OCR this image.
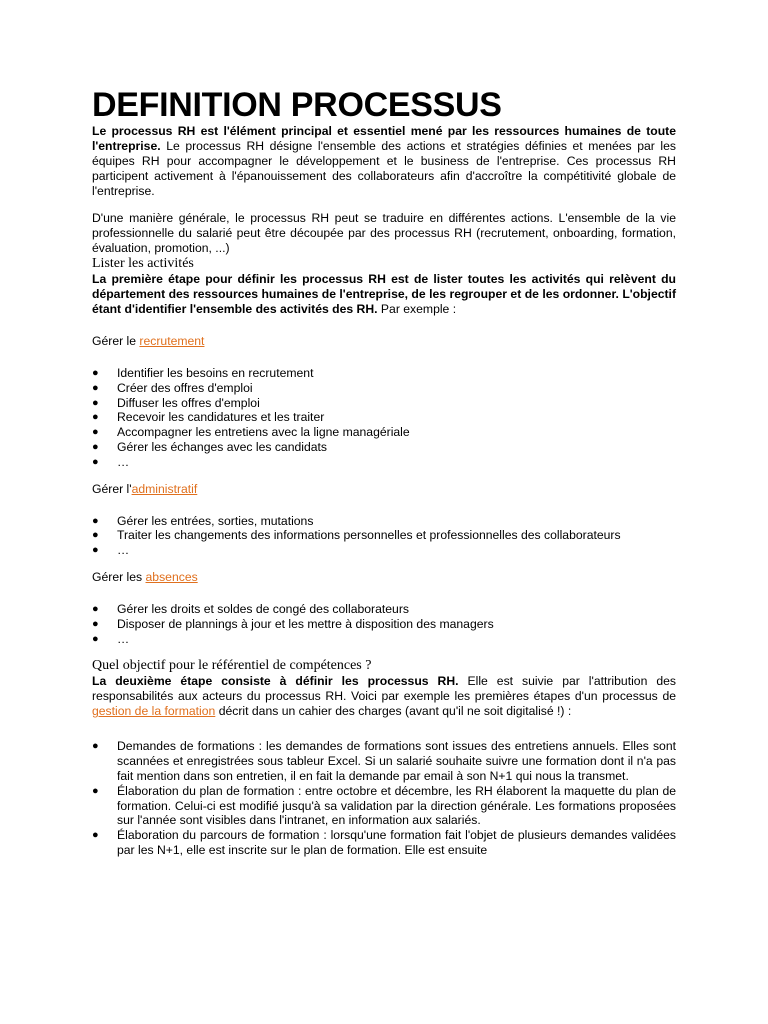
DEFINITION PROCESSUS

Le processus RH est l'élément principal et essentiel mené par les ressources humaines de toute l'entreprise. Le processus RH désigne l'ensemble des actions et stratégies définies et menées par les équipes RH pour accompagner le développement et le business de l'entreprise. Ces processus RH participent activement à l'épanouissement des collaborateurs afin d'accroître la compétitivité globale de l'entreprise.

D'une manière générale, le processus RH peut se traduire en différentes actions. L'ensemble de la vie professionnelle du salarié peut être découpée par des processus RH (recrutement, onboarding, formation, évaluation, promotion, ...)

Lister les activités

La première étape pour définir les processus RH est de lister toutes les activités qui relèvent du département des ressources humaines de l'entreprise, de les regrouper et de les ordonner. L'objectif étant d'identifier l'ensemble des activités des RH. Par exemple :

Gérer le recrutement

● Identifier les besoins en recrutement
● Créer des offres d'emploi
● Diffuser les offres d'emploi
● Recevoir les candidatures et les traiter
● Accompagner les entretiens avec la ligne managériale
● Gérer les échanges avec les candidats
● …

Gérer l'administratif

● Gérer les entrées, sorties, mutations
● Traiter les changements des informations personnelles et professionnelles des collaborateurs
● …

Gérer les absences

● Gérer les droits et soldes de congé des collaborateurs
● Disposer de plannings à jour et les mettre à disposition des managers
● …
Quel objectif pour le référentiel de compétences ?

La deuxième étape consiste à définir les processus RH. Elle est suivie par l'attribution des responsabilités aux acteurs du processus RH. Voici par exemple les premières étapes d'un processus de gestion de la formation décrit dans un cahier des charges (avant qu'il ne soit digitalisé !) :

● Demandes de formations : les demandes de formations sont issues des entretiens annuels. Elles sont scannées et enregistrées sous tableur Excel. Si un salarié souhaite suivre une formation dont il n'a pas fait mention dans son entretien, il en fait la demande par email à son N+1 qui nous la transmet.
● Élaboration du plan de formation : entre octobre et décembre, les RH élaborent la maquette du plan de formation. Celui-ci est modifié jusqu'à sa validation par la direction générale. Les formations proposées sur l'année sont visibles dans l'intranet, en information aux salariés.
● Élaboration du parcours de formation : lorsqu'une formation fait l'objet de plusieurs demandes validées par les N+1, elle est inscrite sur le plan de formation. Elle est ensuite
